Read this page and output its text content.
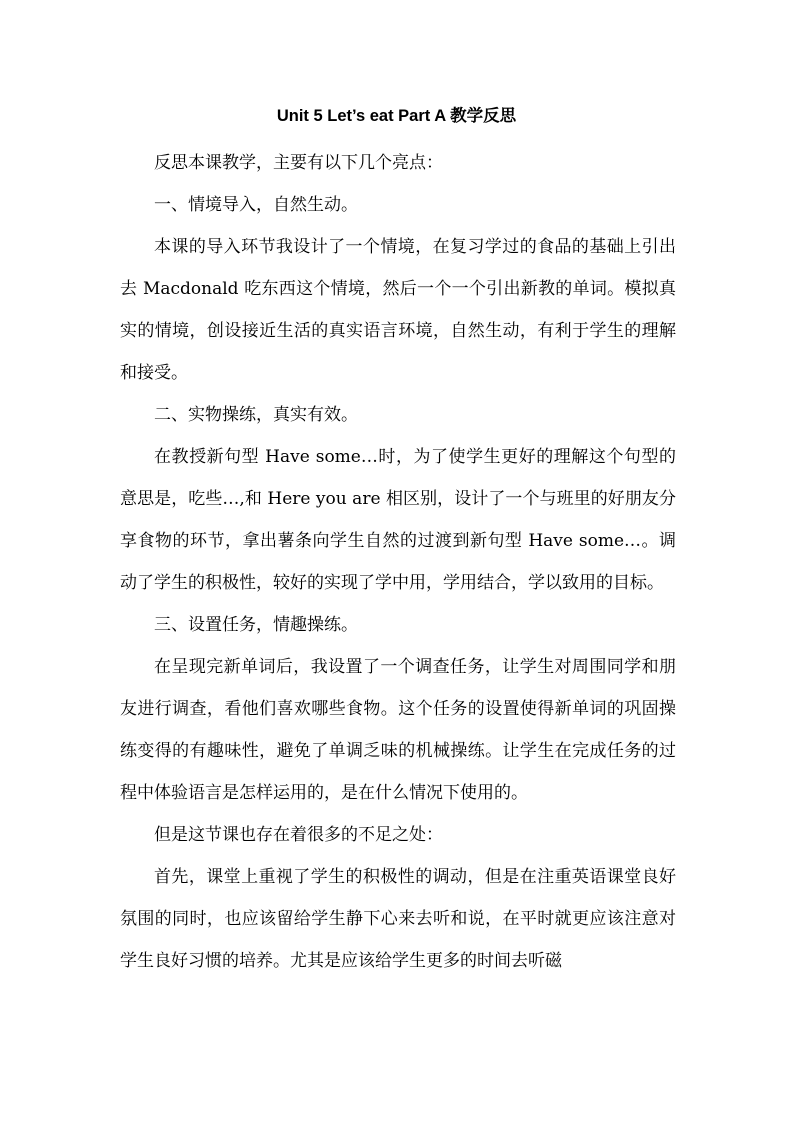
Unit 5 Let’s eat Part A 教学反思

反思本课教学，主要有以下几个亮点：

一、情境导入，自然生动。

本课的导入环节我设计了一个情境，在复习学过的食品的基础上引出去 Macdonald 吃东西这个情境，然后一个一个引出新教的单词。模拟真实的情境，创设接近生活的真实语言环境，自然生动，有利于学生的理解和接受。

二、实物操练，真实有效。

在教授新句型 Have some…时，为了使学生更好的理解这个句型的意思是，吃些…,和 Here you are 相区别，设计了一个与班里的好朋友分享食物的环节，拿出薯条向学生自然的过渡到新句型 Have some…。调动了学生的积极性，较好的实现了学中用，学用结合，学以致用的目标。

三、设置任务，情趣操练。

在呈现完新单词后，我设置了一个调查任务，让学生对周围同学和朋友进行调查，看他们喜欢哪些食物。这个任务的设置使得新单词的巩固操练变得的有趣味性，避免了单调乏味的机械操练。让学生在完成任务的过程中体验语言是怎样运用的，是在什么情况下使用的。

但是这节课也存在着很多的不足之处：

首先，课堂上重视了学生的积极性的调动，但是在注重英语课堂良好氛围的同时，也应该留给学生静下心来去听和说，在平时就更应该注意对学生良好习惯的培养。尤其是应该给学生更多的时间去听磁
